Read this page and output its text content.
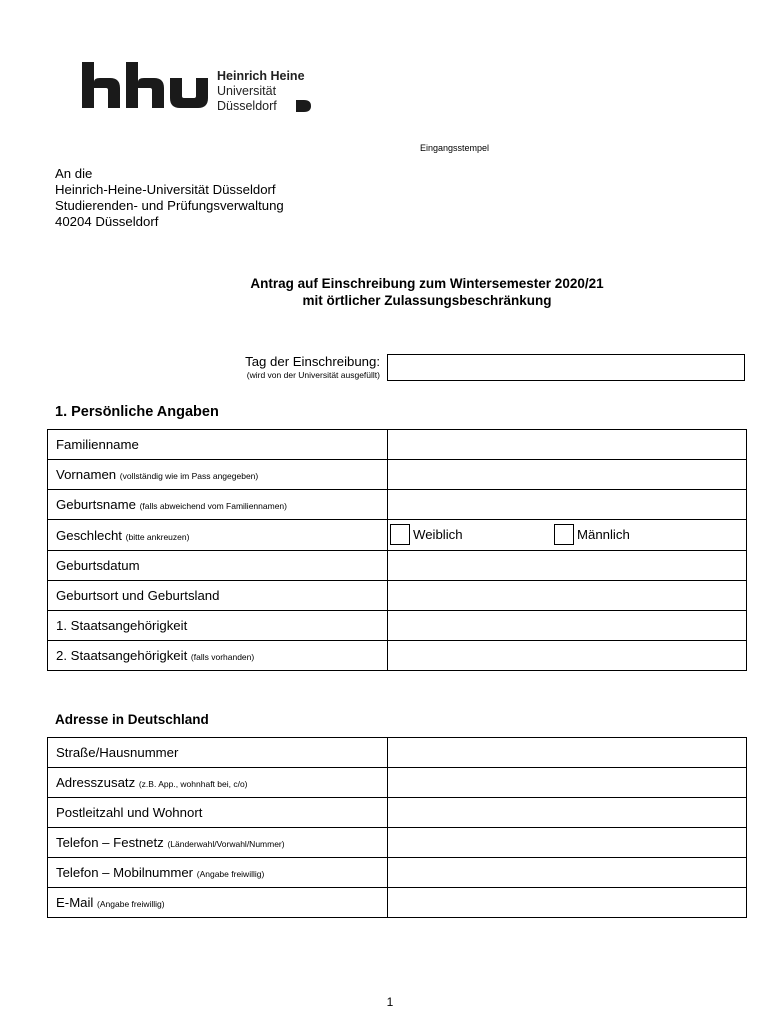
Heinrich Heine
Universität
Düsseldorf
Eingangsstempel
An die
Heinrich-Heine-Universität Düsseldorf
Studierenden- und Prüfungsverwaltung
40204 Düsseldorf
Antrag auf Einschreibung zum Wintersemester 2020/21
mit örtlicher Zulassungsbeschränkung
Tag der Einschreibung:
(wird von der Universität ausgefüllt)
1. Persönliche Angaben
Familienname	
Vornamen (vollständig wie im Pass angegeben)	
Geburtsname (falls abweichend vom Familiennamen)	
Geschlecht (bitte ankreuzen)	Weiblich Männlich

Geburtsdatum	
Geburtsort und Geburtsland	
1. Staatsangehörigkeit	
2. Staatsangehörigkeit (falls vorhanden)	
Adresse in Deutschland
Straße/Hausnummer	
Adresszusatz (z.B. App., wohnhaft bei, c/o)	
Postleitzahl und Wohnort	
Telefon – Festnetz (Länderwahl/Vorwahl/Nummer)	
Telefon – Mobilnummer (Angabe freiwillig)	
E-Mail (Angabe freiwillig)	
1
